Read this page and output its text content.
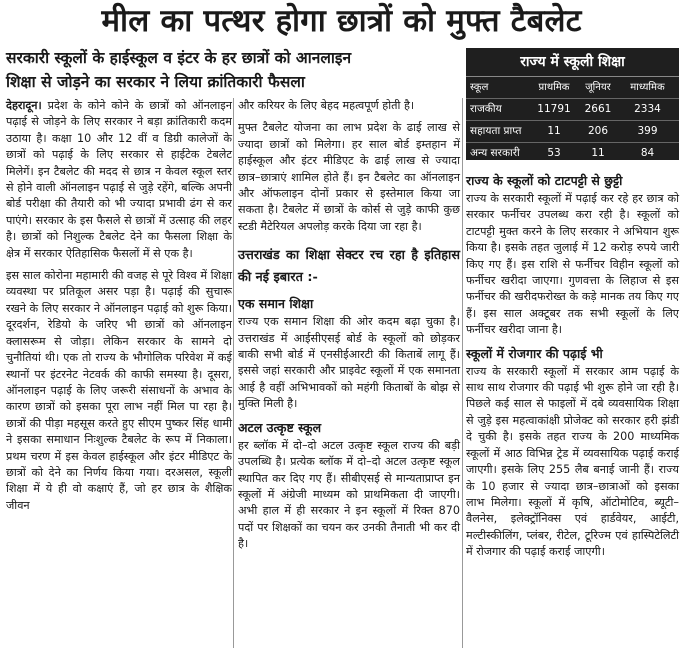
मील का पत्थर होगा छात्रों को मुफ्त टैबलेट
सरकारी स्कूलों के हाईस्कूल व इंटर के हर छात्रों को आनलाइन
शिक्षा से जोड़ने का सरकार ने लिया क्रांतिकारी फैसला

देहरादून। प्रदेश के कोने कोने के छात्रों को ऑनलाइन पढ़ाई से जोड़ने के लिए सरकार ने बड़ा क्रांतिकारी कदम उठाया है। कक्षा 10 और 12 वीं व डिग्री कालेजों के छात्रों को पढ़ाई के लिए सरकार से हाईटेक टेबलेट मिलेगें। इन टैबलेट की मदद से छात्र न केवल स्कूल स्तर से होने वाली ऑनलाइन पढ़ाई से जुड़े रहेंगे, बल्कि अपनी बोर्ड परीक्षा की तैयारी को भी ज्यादा प्रभावी ढंग से कर पाएंगे। सरकार के इस फैसले से छात्रों में उत्साह की लहर है। छात्रों को निशुल्क टैबलेट देने का फैसला शिक्षा के क्षेत्र में सरकार ऐतिहासिक फैसलों में से एक है।

इस साल कोरोना महामारी की वजह से पूरे विश्व में शिक्षा व्यवस्था पर प्रतिकूल असर पड़ा है। पढ़ाई की सुचारू रखने के लिए सरकार ने ऑनलाइन पढ़ाई को शुरू किया। दूरदर्शन, रेडियो के जरिए भी छात्रों को ऑनलाइन क्लासरूम से जोड़ा। लेकिन सरकार के सामने दो चुनौतियां थी। एक तो राज्य के भौगोलिक परिवेश में कई स्थानों पर इंटरनेट नेटवर्क की काफी समस्या है। दूसरा, ऑनलाइन पढ़ाई के लिए जरूरी संसाधनों के अभाव के कारण छात्रों को इसका पूरा लाभ नहीं मिल पा रहा है। छात्रों की पीड़ा महसूस करते हुए सीएम पुष्कर सिंह धामी ने इसका समाधान निःशुल्क टैबलेट के रूप में निकाला। प्रथम चरण में इस केवल हाईस्कूल और इंटर मीडिएट के छात्रों को देने का निर्णय किया गया। दरअसल, स्कूली शिक्षा में ये ही वो कक्षाएं हैं, जो हर छात्र के शैक्षिक जीवन

और करियर के लिए बेहद महत्वपूर्ण होती है।

मुफ्त टैबलेट योजना का लाभ प्रदेश के ढाई लाख से ज्यादा छात्रों को मिलेगा। हर साल बोर्ड इम्तहान में हाईस्कूल और इंटर मीडिएट के ढाई लाख से ज्यादा छात्र–छात्राएं शामिल होते हैं। इन टैबलेट का ऑनलाइन और ऑफलाइन दोनों प्रकार से इस्तेमाल किया जा सकता है। टैबलेट में छात्रों के कोर्स से जुड़े काफी कुछ स्टडी मैटेरियल अपलोड़ करके दिया जा रहा है।

उत्तराखंड का शिक्षा सेक्टर रच रहा है इतिहास की नई इबारत :-
एक समान शिक्षा

राज्य एक समान शिक्षा की ओर कदम बढ़ा चुका है। उत्तराखंड में आईसीएसई बोर्ड के स्कूलों को छोड़कर बाकी सभी बोर्ड में एनसीईआरटी की किताबें लागू हैं। इससे जहां सरकारी और प्राइवेट स्कूलों में एक समानता आई है वहीं अभिभावकों को महंगी किताबों के बोझ से मुक्ति मिली है।

अटल उत्कृष्ट स्कूल

हर ब्लॉक में दो–दो अटल उत्कृष्ट स्कूल राज्य की बड़ी उपलब्धि है। प्रत्येक ब्लॉक में दो–दो अटल उत्कृष्ट स्कूल स्थापित कर दिए गए हैं। सीबीएसई से मान्यताप्राप्त इन स्कूलों में अंग्रेजी माध्यम को प्राथमिकता दी जाएगी। अभी हाल में ही सरकार ने इन स्कूलों में रिक्त 870 पदों पर शिक्षकों का चयन कर उनकी तैनाती भी कर दी है।

राज्य में स्कूली शिक्षा
स्कूल	प्राथमिक	जूनियर	माध्यमिक
राजकीय	11791	2661	2334
सहायता प्राप्त	11	206	399
अन्य सरकारी	53	11	84
राज्य के स्कूलों को टाटपट्टी से छुट्टी

राज्य के सरकारी स्कूलों में पढ़ाई कर रहे हर छात्र को सरकार फर्नीचर उपलब्ध करा रही है। स्कूलों को टाटपट्टी मुक्त करने के लिए सरकार ने अभियान शुरू किया है। इसके तहत जुलाई में 12 करोड़ रुपये जारी किए गए हैं। इस राशि से फर्नीचर विहीन स्कूलों को फर्नीचर खरीदा जाएगा। गुणवत्ता के लिहाज से इस फर्नीचर की खरीदफरोख्त के कड़े मानक तय किए गए हैं। इस साल अक्टूबर तक सभी स्कूलों के लिए फर्नीचर खरीदा जाना है।

स्कूलों में रोजगार की पढ़ाई भी

राज्य के सरकारी स्कूलों में सरकार आम पढ़ाई के साथ साथ रोजगार की पढ़ाई भी शुरू होने जा रही है। पिछले कई साल से फाइलों में दबे व्यवसायिक शिक्षा से जुड़े इस महत्वाकांक्षी प्रोजेक्ट को सरकार हरी झंडी दे चुकी है। इसके तहत राज्य के 200 माध्यमिक स्कूलों में आठ विभिन्न ट्रेड में व्यवसायिक पढ़ाई कराई जाएगी। इसके लिए 255 लैब बनाई जानी हैं। राज्य के 10 हजार से ज्यादा छात्र–छात्राओं को इसका लाभ मिलेगा। स्कूलों में कृषि, ऑटोमोटिव, ब्यूटी–वैलनेस, इलेक्ट्रॉनिक्स एवं हार्डवेयर, आईटी, मल्टीस्कीलिंग, प्लंबर, रीटेल, टूरिज्म एवं हास्पिटेलिटी में रोजगार की पढ़ाई कराई जाएगी।
